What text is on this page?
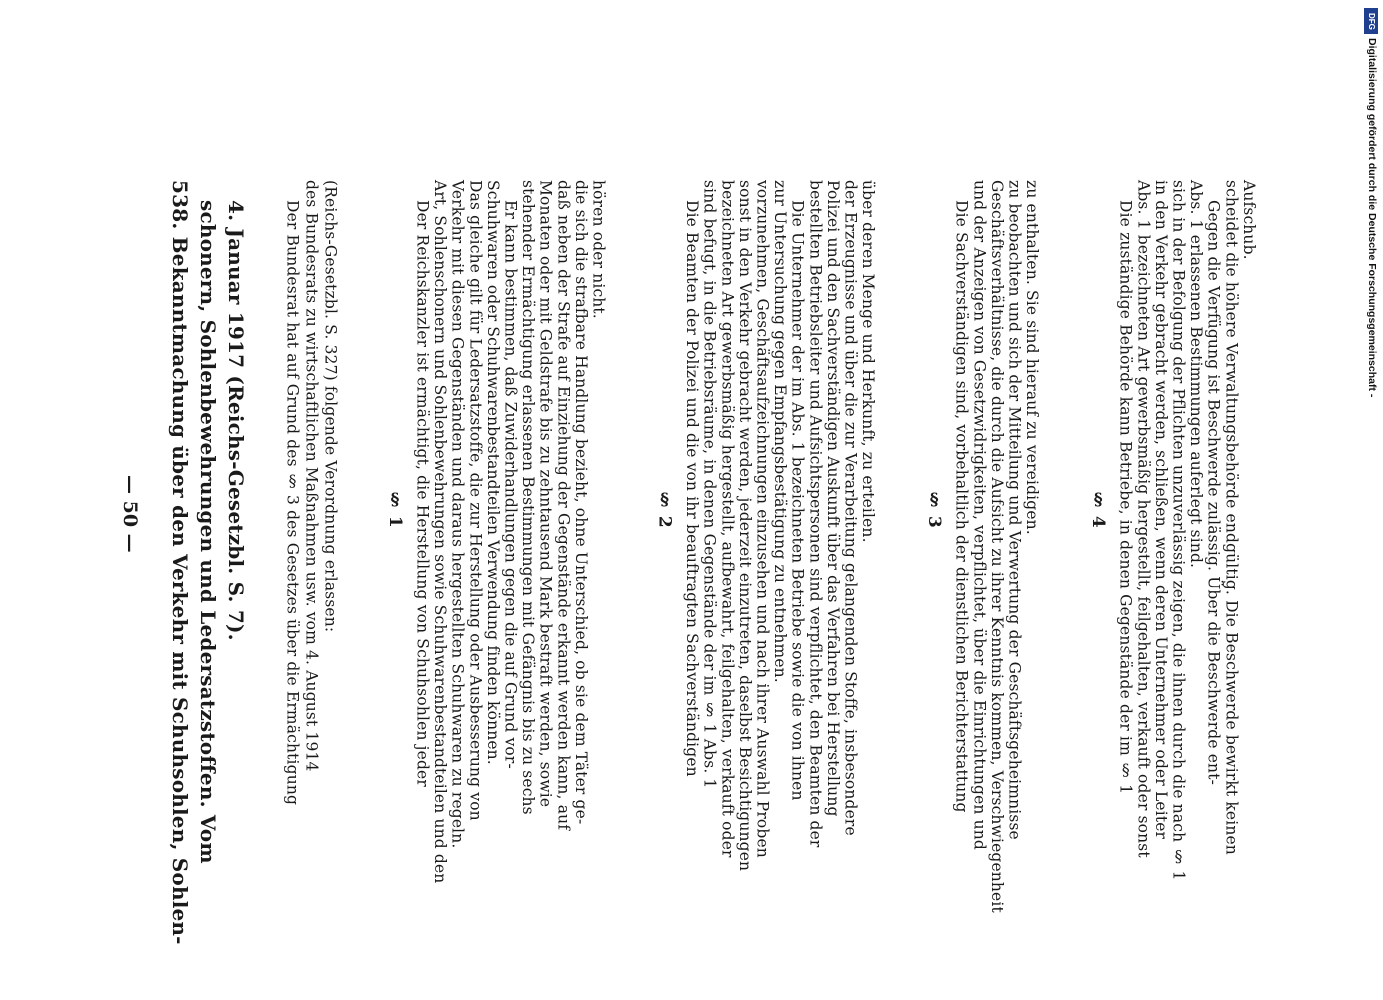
— 50 — 538. Bekanntmachung über den Verkehr mit Schuhsohlen, Sohlen- schonern, Sohlenbewehrungen und Ledersatzstoffen. Vom 4. Januar 1917 (Reichs-Gesetzbl. S. 7). Der Bundesrat hat auf Grund des § 3 des Gesetzes über die Ermächtigung des Bundesrats zu wirtschaftlichen Maßnahmen usw. vom 4. August 1914 (Reichs-Gesetzbl. S. 327) folgende Verordnung erlassen:	§ 1 Der Reichskanzler ist ermächtigt, die Herstellung von Schuhsohlen jeder Art, Sohlenschonern und Sohlenbewehrungen sowie Schuhwarenbestandteilen und den Verkehr mit diesen Gegenständen und daraus hergestellten Schuhwaren zu regeln. Das gleiche gilt für Ledersatzstoffe, die zur Herstellung oder Ausbesserung von Schuhwaren oder Schuhwarenbestandteilen Verwendung finden können. Er kann bestimmen, daß Zuwiderhandlungen gegen die auf Grund vor- stehender Ermächtigung erlassenen Bestimmungen mit Gefängnis bis zu sechs Monaten oder mit Geldstrafe bis zu zehntausend Mark bestraft werden, sowie daß neben der Strafe auf Einziehung der Gegenstände erkannt werden kann, auf die sich die strafbare Handlung bezieht, ohne Unterschied, ob sie dem Täter ge- hören oder nicht.
§ 2 Die Beamten der Polizei und die von ihr beauftragten Sachverständigen sind befugt, in die Betriebsräume, in denen Gegenstände der im § 1 Abs. 1 bezeichneten Art gewerbsmäßig hergestellt, aufbewahrt, feilgehalten, verkauft oder sonst in den Verkehr gebracht werden, jederzeit einzutreten, daselbst Besichtigungen vorzunehmen, Geschäftsaufzeichnungen einzusehen und nach ihrer Auswahl Proben zur Untersuchung gegen Empfangsbestätigung zu entnehmen. Die Unternehmer der im Abs. 1 bezeichneten Betriebe sowie die von ihnen bestellten Betriebsleiter und Aufsichtspersonen sind verpflichtet, den Beamten der Polizei und den Sachverständigen Auskunft über das Verfahren bei Herstellung der Erzeugnisse und über die zur Verarbeitung gelangenden Stoffe, insbesondere über deren Menge und Herkunft, zu erteilen.	§ 3 Die Sachverständigen sind, vorbehaltlich der dienstlichen Berichterstattung und der Anzeigen von Gesetzwidrigkeiten, verpflichtet, über die Einrichtungen und Geschäftsverhältnisse, die durch die Aufsicht zu ihrer Kenntnis kommen, Verschwiegenheit zu beobachten und sich der Mitteilung und Verwertung der Geschäftsgeheimnisse zu enthalten. Sie sind hierauf zu vereidigen.	§ 4 Die zuständige Behörde kann Betriebe, in denen Gegenstände der im § 1 Abs. 1 bezeichneten Art gewerbsmäßig hergestellt, feilgehalten, verkauft oder sonst in den Verkehr gebracht werden, schließen, wenn deren Unternehmer oder Leiter sich in der Befolgung der Pflichten unzuverlässig zeigen, die ihnen durch die nach § 1 Abs. 1 erlassenen Bestimmungen auferlegt sind. Gegen die Verfügung ist Beschwerde zulässig. Über die Beschwerde ent- scheidet die höhere Verwaltungsbehörde endgültig. Die Beschwerde bewirkt keinen Aufschub.
DFG
Digitalisierung gefördert durch die Deutsche Forschungsgemeinschaft -
